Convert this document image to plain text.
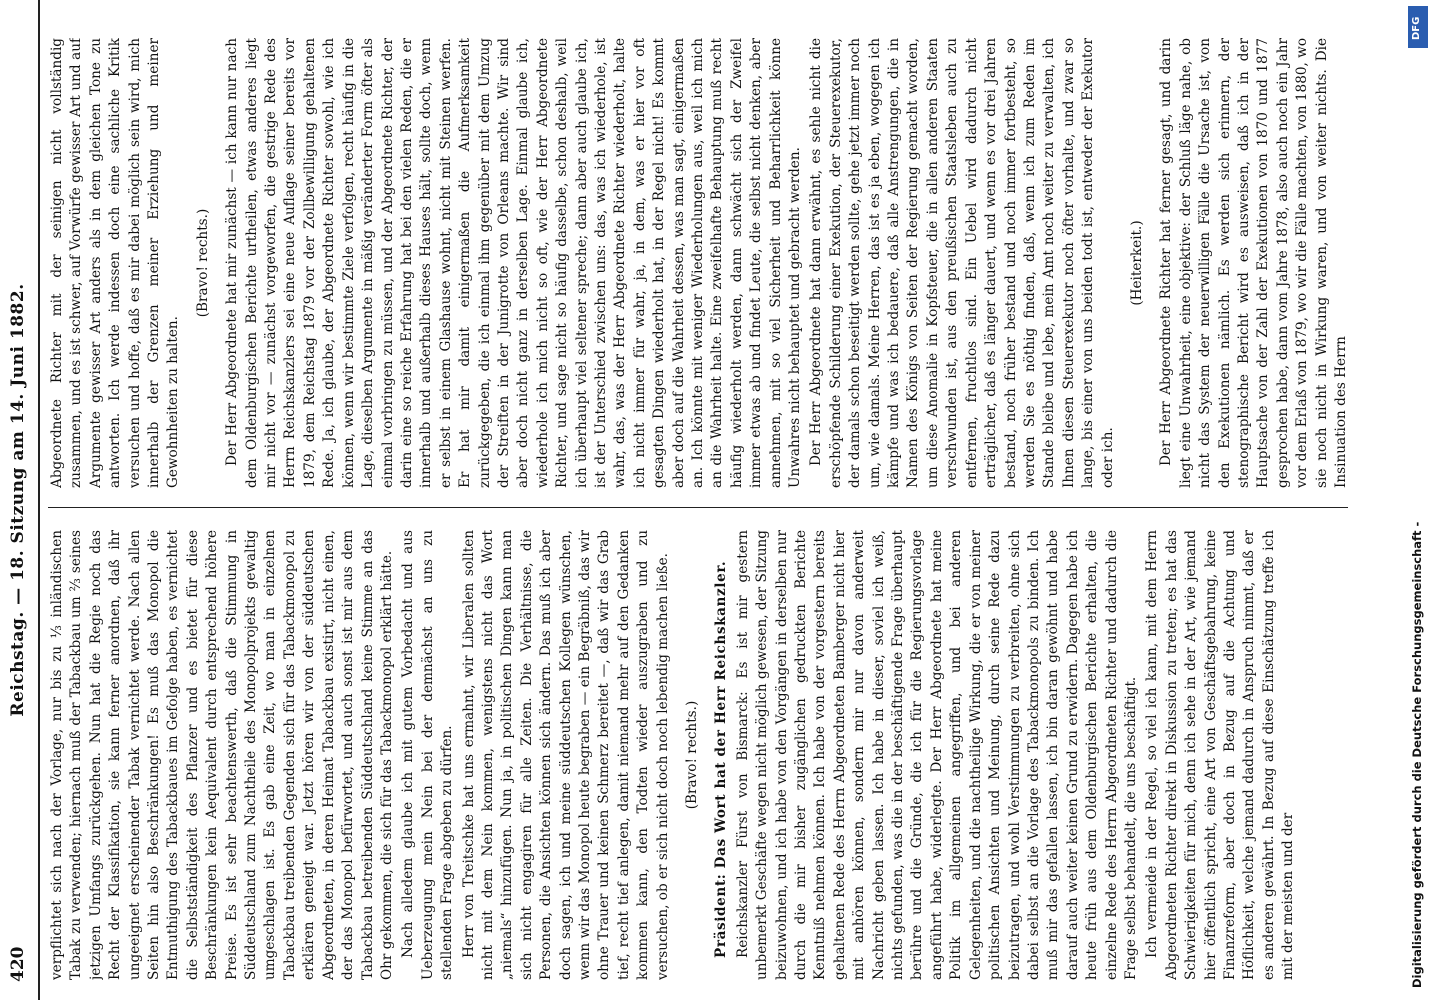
420
Reichstag. — 18. Sitzung am 14. Juni 1882.

verpflichtet sich nach der Vorlage, nur bis zu ⅓ inländischen Tabak zu verwenden; hiernach muß der Tabackbau um ⅔ seines jetzigen Umfangs zurückgehen. Nun hat die Regie noch das Recht der Klassifikation, sie kann ferner anordnen, daß ihr ungeeignet erscheinender Tabak vernichtet werde. Nach allen Seiten hin also Beschränkungen! Es muß das Monopol die Entmuthigung des Tabackbaues im Gefolge haben, es vernichtet die Selbstständigkeit des Pflanzer und es bietet für diese Beschränkungen kein Aequivalent durch entsprechend höhere Preise. Es ist sehr beachtenswerth, daß die Stimmung in Süddeutschland zum Nachtheile des Monopolprojekts gewaltig umgeschlagen ist. Es gab eine Zeit, wo man in einzelnen Tabackbau treibenden Gegenden sich für das Tabackmonopol zu erklären geneigt war. Jetzt hören wir von der süddeutschen Abgeordneten, in deren Heimat Tabackbau existirt, nicht einen, der das Monopol befürwortet, und auch sonst ist mir aus dem Tabackbau betreibenden Süddeutschland keine Stimme an das Ohr gekommen, die sich für das Tabackmonopol erklärt hätte. Nach alledem glaube ich mit gutem Vorbedacht und aus Ueberzeugung mein Nein bei der demnächst an uns zu stellenden Frage abgeben zu dürfen. Herr von Treitschke hat uns ermahnt, wir Liberalen sollten nicht mit dem Nein kommen, wenigstens nicht das Wort „niemals“ hinzufügen. Nun ja, in politischen Dingen kann man sich nicht engagiren für alle Zeiten. Die Verhältnisse, die Personen, die Ansichten können sich ändern. Das muß ich aber doch sagen, ich und meine süddeutschen Kollegen wünschen, wenn wir das Monopol heute begraben — ein Begräbniß, das wir ohne Trauer und keinen Schmerz bereitet —, daß wir das Grab tief, recht tief anlegen, damit niemand mehr auf den Gedanken kommen kann, den Todten wieder auszugraben und zu versuchen, ob er sich nicht doch noch lebendig machen ließe. (Bravo! rechts.) Präsident: Das Wort hat der Herr Reichskanzler. Reichskanzler Fürst von Bismarck: Es ist mir gestern unbemerkt Geschäfte wegen nicht möglich gewesen, der Sitzung beizuwohnen, und ich habe von den Vorgängen in derselben nur durch die mir bisher zugänglichen gedruckten Berichte Kenntniß nehmen können. Ich habe von der vorgestern bereits gehaltenen Rede des Herrn Abgeordneten Bamberger nicht hier mit anhören können, sondern mir nur davon anderweit Nachricht geben lassen. Ich habe in dieser, soviel ich weiß, nichts gefunden, was die in der beschäftigende Frage überhaupt berühre und die Gründe, die ich für die Regierungsvorlage angeführt habe, widerlegte. Der Herr Abgeordnete hat meine Politik im allgemeinen angegriffen, und bei anderen Gelegenheiten, und die nachtheilige Wirkung, die er von meiner politischen Ansichten und Meinung, durch seine Rede dazu beizutragen, und wohl Verstimmungen zu verbreiten, ohne sich dabei selbst an die Vorlage des Tabackmonopols zu binden. Ich muß mir das gefallen lassen, ich bin daran gewöhnt und habe darauf auch weiter keinen Grund zu erwidern. Dagegen habe ich heute früh aus dem Oldenburgischen Berichte erhalten, die einzelne Rede des Herrn Abgeordneten Richter und dadurch die Frage selbst behandelt, die uns beschäftigt. Ich vermeide in der Regel, so viel ich kann, mit dem Herrn Abgeordneten Richter direkt in Diskussion zu treten; es hat das Schwierigkeiten für mich, denn ich sehe in der Art, wie jemand hier öffentlich spricht, eine Art von Geschäftsgebahrung, keine Finanzreform, aber doch in Bezug auf die Achtung und Höflichkeit, welche jemand dadurch in Anspruch nimmt, daß er es anderen gewährt. In Bezug auf diese Einschätzung treffe ich mit der meisten und der

Abgeordnete Richter mit der seinigen nicht vollständig zusammen, und es ist schwer, auf Vorwürfe gewisser Art und auf Argumente gewisser Art anders als in dem gleichen Tone zu antworten. Ich werde indessen doch eine sachliche Kritik versuchen und hoffe, daß es mir dabei möglich sein wird, mich innerhalb der Grenzen meiner Erziehung und meiner Gewohnheiten zu halten.

(Bravo! rechts.) Der Herr Abgeordnete hat mir zunächst — ich kann nur nach dem Oldenburgischen Berichte urtheilen, etwas anderes liegt mir nicht vor — zunächst vorgeworfen, die gestrige Rede des Herrn Reichskanzlers sei eine neue Auflage seiner bereits vor 1879, dem Reichstag 1879 vor der Zollbewilligung gehaltenen Rede. Ja, ich glaube, der Abgeordnete Richter sowohl, wie ich können, wenn wir bestimmte Ziele verfolgen, recht häufig in die Lage, dieselben Argumente in mäßig veränderter Form öfter als einmal vorbringen zu müssen, und der Abgeordnete Richter, der darin eine so reiche Erfahrung hat bei den vielen Reden, die er innerhalb und außerhalb dieses Hauses hält, sollte doch, wenn er selbst in einem Glashause wohnt, nicht mit Steinen werfen. Er hat mir damit einigermaßen die Aufmerksamkeit zurückgegeben, die ich einmal ihm gegenüber mit dem Umzug der Streiften in der Junigrotte von Orleans machte. Wir sind aber doch nicht ganz in derselben Lage. Einmal glaube ich, wiederhole ich mich nicht so oft, wie der Herr Abgeordnete Richter, und sage nicht so häufig dasselbe, schon deshalb, weil ich überhaupt viel seltener spreche; dann aber auch glaube ich, ist der Unterschied zwischen uns: das, was ich wiederhole, ist wahr, das, was der Herr Abgeordnete Richter wiederholt, halte ich nicht immer für wahr, ja, in dem, was er hier vor oft gesagten Dingen wiederholt hat, in der Regel nicht! Es kommt aber doch auf die Wahrheit dessen, was man sagt, einigermaßen an. Ich könnte mit weniger Wiederholungen aus, weil ich mich an die Wahrheit halte. Eine zweifelhafte Behauptung muß recht häufig wiederholt werden, dann schwächt sich der Zweifel immer etwas ab und findet Leute, die selbst nicht denken, aber annehmen, mit so viel Sicherheit und Beharrlichkeit könne Unwahres nicht behauptet und gebracht werden. Der Herr Abgeordnete hat dann erwähnt, es sehle nicht die erschöpfende Schilderung einer Exekution, der Steuerexekutor, der damals schon beseitigt werden sollte, gehe jetzt immer noch um, wie damals. Meine Herren, das ist es ja eben, wogegen ich kämpfe und was ich bedauere, daß alle Anstrengungen, die in Namen des Königs von Seiten der Regierung gemacht worden, um diese Anomalie in Kopfsteuer, die in allen anderen Staaten verschwunden ist, aus den preußischen Staatsleben auch zu entfernen, fruchtlos sind. Ein Uebel wird dadurch nicht erträglicher, daß es länger dauert, und wenn es vor drei Jahren bestand, noch früher bestand und noch immer fortbesteht, so werden Sie es nöthig finden, daß, wenn ich zum Reden im Stande bleibe und lebe, mein Amt noch weiter zu verwalten, ich Ihnen diesen Steuerexekutor noch öfter vorhalte, und zwar so lange, bis einer von uns beiden todt ist, entweder der Exekutor oder ich.

(Heiterkeit.) Der Herr Abgeordnete Richter hat ferner gesagt, und darin liegt eine Unwahrheit, eine objektive: der Schluß läge nahe, ob nicht das System der neuerwilligen Fälle die Ursache ist, von den Exekutionen nämlich. Es werden sich erinnern, der stenographische Bericht wird es ausweisen, daß ich in der Hauptsache von der Zahl der Exekutionen von 1870 und 1877 gesprochen habe, dann vom Jahre 1878, also auch noch ein Jahr vor dem Erlaß von 1879, wo wir die Fälle machten, von 1880, wo sie noch nicht in Wirkung waren, und von weiter nichts. Die Insinuation des Herrn

Digitalisierung gefördert durch die Deutsche Forschungsgemeinschaft -
DFG
